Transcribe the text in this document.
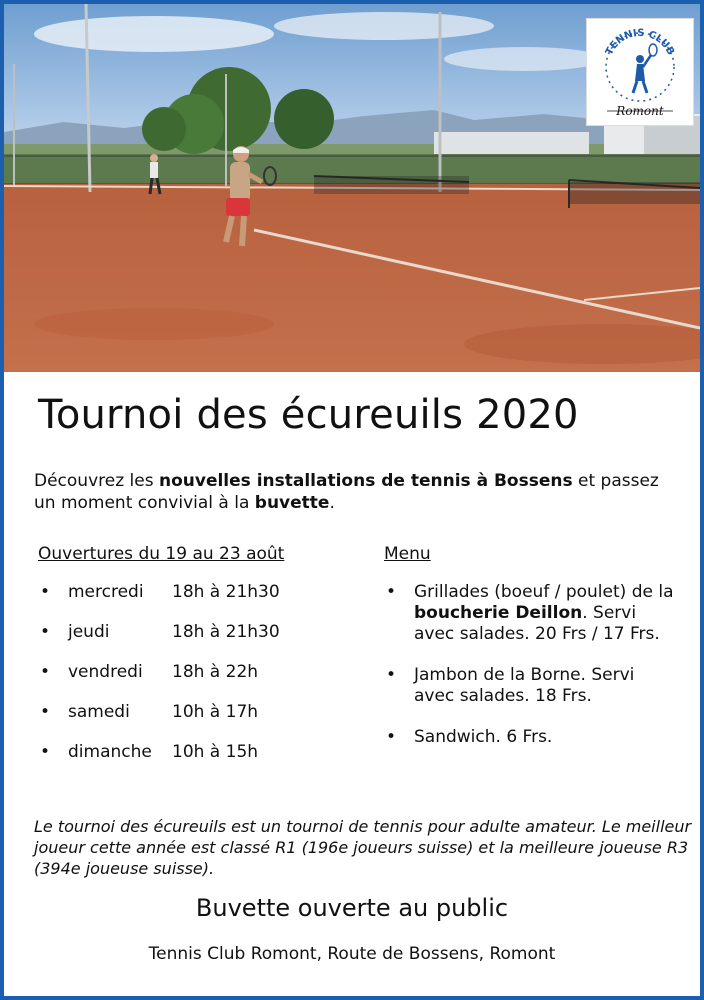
TENNIS CLUB
Romont
Tournoi des écureuils 2020
Découvrez les nouvelles installations de tennis à Bossens et passez un moment convivial à la buvette.
Ouvertures du 19 au 23 août
• mercredi 18h à 21h30
• jeudi	18h à 21h30
• vendredi 18h à 22h
• samedi 10h à 17h
• dimanche 10h à 15h
Menu
• Grillades (boeuf / poulet) de la boucherie Deillon. Servi avec salades. 20 Frs / 17 Frs.
• Jambon de la Borne. Servi avec salades. 18 Frs.
• Sandwich. 6 Frs.
Le tournoi des écureuils est un tournoi de tennis pour adulte amateur. Le meilleur joueur cette année est classé R1 (196e joueurs suisse) et la meilleure joueuse R3 (394e joueuse suisse).
Buvette ouverte au public
Tennis Club Romont, Route de Bossens, Romont
